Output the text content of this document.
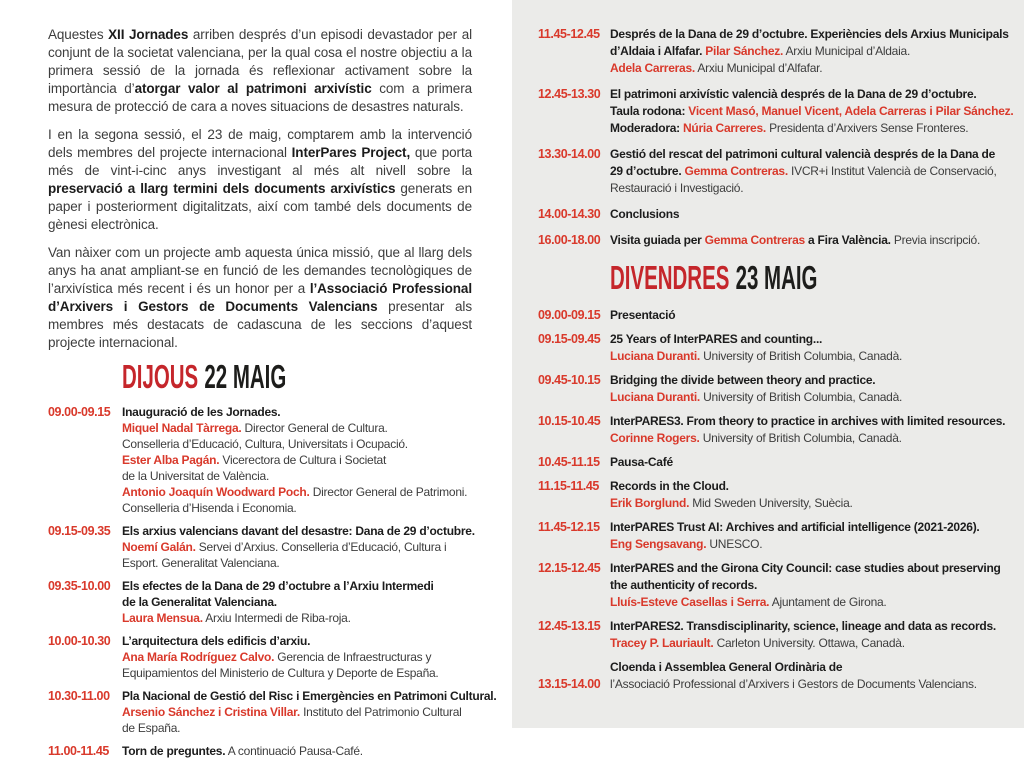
Aquestes XII Jornades arriben després d’un episodi devastador per al conjunt de la societat valenciana, per la qual cosa el nostre objectiu a la primera sessió de la jornada és reflexionar activament sobre la importància d’atorgar valor al patrimoni arxivístic com a primera mesura de protecció de cara a noves situacions de desastres naturals.

I en la segona sessió, el 23 de maig, comptarem amb la intervenció dels membres del projecte internacional InterPares Project, que porta més de vint-i-cinc anys investigant al més alt nivell sobre la preservació a llarg termini dels documents arxivístics generats en paper i posteriorment digitalitzats, així com també dels documents de gènesi electrònica.

Van nàixer com un projecte amb aquesta única missió, que al llarg dels anys ha anat ampliant-se en funció de les demandes tecnològiques de l’arxivística més recent i és un honor per a l’Associació Professional d’Arxivers i Gestors de Documents Valencians presentar als membres més destacats de cadascuna de les seccions d’aquest projecte internacional.

DIJOUS 22 MAIG
09.00-09.15 Inauguració de les Jornades.
Miquel Nadal Tàrrega. Director General de Cultura.
Conselleria d’Educació, Cultura, Universitats i Ocupació.
Ester Alba Pagán. Vicerectora de Cultura i Societat
de la Universitat de València.
Antonio Joaquín Woodward Poch. Director General de Patrimoni.
Conselleria d’Hisenda i Economia.
09.15-09.35 Els arxius valencians davant del desastre: Dana de 29 d’octubre.
Noemí Galán. Servei d’Arxius. Conselleria d’Educació, Cultura i
Esport. Generalitat Valenciana.
09.35-10.00 Els efectes de la Dana de 29 d’octubre a l’Arxiu Intermedi
de la Generalitat Valenciana.
Laura Mensua. Arxiu Intermedi de Riba-roja.
10.00-10.30 L’arquitectura dels edificis d’arxiu.
Ana María Rodríguez Calvo. Gerencia de Infraestructuras y
Equipamientos del Ministerio de Cultura y Deporte de España.
10.30-11.00	Pla Nacional de Gestió del Risc i Emergències en Patrimoni Cultural.
Arsenio Sánchez i Cristina Villar. Instituto del Patrimonio Cultural
de España.
11.00-11.45	Torn de preguntes. A continuació Pausa-Café.
11.45-12.45 Després de la Dana de 29 d’octubre. Experiències dels Arxius Municipals
d’Aldaia i Alfafar. Pilar Sánchez. Arxiu Municipal d’Aldaia.
Adela Carreras. Arxiu Municipal d’Alfafar.
12.45-13.30 El patrimoni arxivístic valencià després de la Dana de 29 d’octubre.
Taula rodona: Vicent Masó, Manuel Vicent, Adela Carreras i Pilar Sánchez.
Moderadora: Núria Carreres. Presidenta d’Arxivers Sense Fronteres.
13.30-14.00 Gestió del rescat del patrimoni cultural valencià després de la Dana de
29 d’octubre. Gemma Contreras. IVCR+i Institut Valencià de Conservació,
Restauració i Investigació.
14.00-14.30 Conclusions
16.00-18.00 Visita guiada per Gemma Contreras a Fira València. Previa inscripció.
DIVENDRES 23 MAIG
09.00-09.15 Presentació
09.15-09.45 25 Years of InterPARES and counting...
Luciana Duranti. University of British Columbia, Canadà.
09.45-10.15 Bridging the divide between theory and practice.
Luciana Duranti. University of British Columbia, Canadà.
10.15-10.45 InterPARES3. From theory to practice in archives with limited resources.
Corinne Rogers. University of British Columbia, Canadà.
10.45-11.15 Pausa-Café
11.15-11.45 Records in the Cloud.
Erik Borglund. Mid Sweden University, Suècia.
11.45-12.15 InterPARES Trust AI: Archives and artificial intelligence (2021-2026).
Eng Sengsavang. UNESCO.
12.15-12.45 InterPARES and the Girona City Council: case studies about preserving
the authenticity of records.
Lluís-Esteve Casellas i Serra. Ajuntament de Girona.
12.45-13.15 InterPARES2. Transdisciplinarity, science, lineage and data as records.
Tracey P. Lauriault. Carleton University. Ottawa, Canadà.
13.15-14.00
Cloenda i Assemblea General Ordinària de
l’Associació Professional d’Arxivers i Gestors de Documents Valencians.
